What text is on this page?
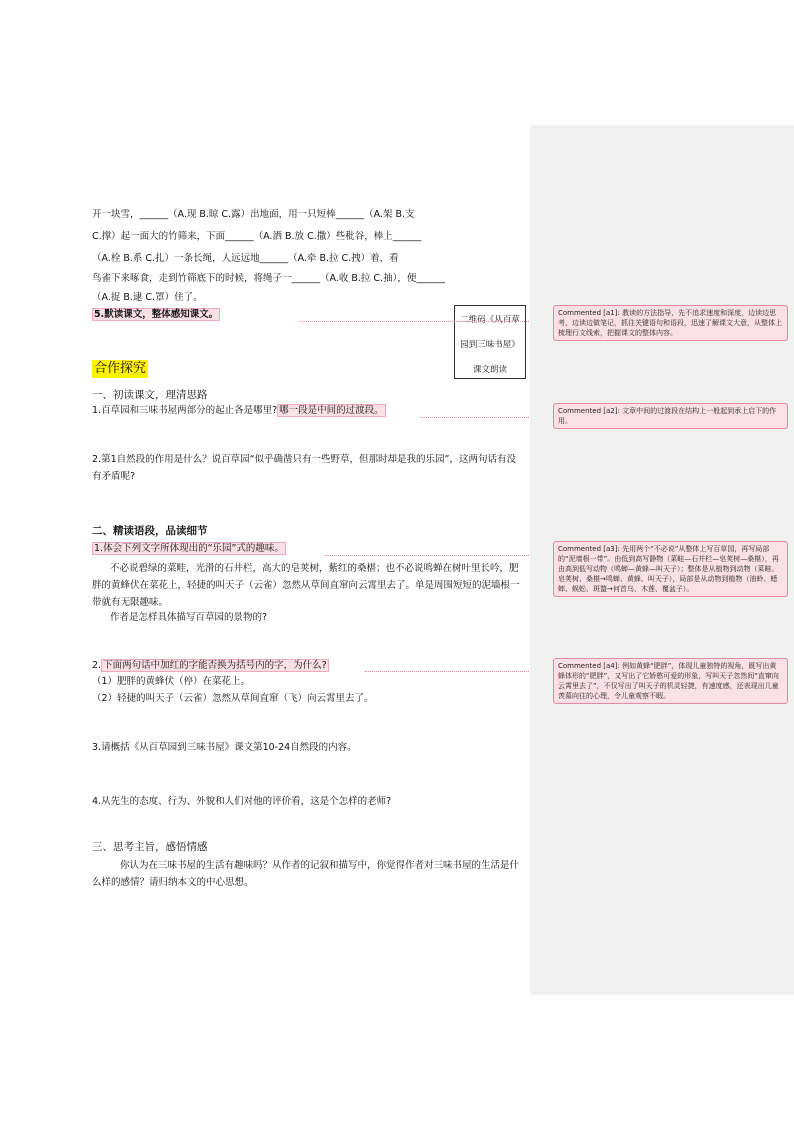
开一块雪，______（A.现 B.晾 C.露）出地面，用一只短棒______（A.架 B.支
C.撑）起一面大的竹筛来，下面______（A.洒 B.放 C.撒）些秕谷，棒上______
（A.栓 B.系 C.扎）一条长绳，人远远地______（A.牵 B.拉 C.拽）着，看
鸟雀下来啄食，走到竹筛底下的时候，将绳子一______（A.收 B.拉 C.抽），便______
（A.捉 B.逮 C.罩）住了。
5.默读课文，整体感知课文。	二维码《从百草园到三味书屋》课文朗读
合作探究
一、初读课文，理清思路
1.百草园和三味书屋两部分的起止各是哪里? 哪一段是中间的过渡段。
2.第1自然段的作用是什么？说百草园“似乎确凿只有一些野草，但那时却是我的乐园”，这两句话有没有矛盾呢?
二、精读语段，品读细节
1.体会下列文字所体现出的“乐园”式的趣味。
不必说碧绿的菜畦，光滑的石井栏，高大的皂荚树，紫红的桑椹；也不必说鸣蝉在树叶里长吟，肥胖的黄蜂伏在菜花上，轻捷的叫天子（云雀）忽然从草间直窜向云霄里去了。单是周围短短的泥墙根一带就有无限趣味。
作者是怎样具体描写百草园的景物的?
2. 下面两句话中加红的字能否换为括号内的字，为什么?
（1）肥胖的黄蜂伏（停）在菜花上。
（2）轻捷的叫天子（云雀）忽然从草间直窜（飞）向云霄里去了。
3.请概括《从百草园到三味书屋》课文第10-24自然段的内容。
4.从先生的态度、行为、外貌和人们对他的评价看，这是个怎样的老师?
三、思考主旨，感悟情感
你认为在三味书屋的生活有趣味吗？从作者的记叙和描写中，你觉得作者对三味书屋的生活是什么样的感情？请归纳本文的中心思想。
Commented [a1]: 教读的方法指导，先不追求速度和深度，边读边思考，边读边做笔记，抓住关键语句和语段，迅速了解课文大意，从整体上梳理行文线索，把握课文的整体内容。
Commented [a2]: 文章中间的过渡段在结构上一般起到承上启下的作用。
Commented [a3]: 先用两个“不必说”从整体上写百草园，再写局部的“泥墙根一带”。由低到高写静物（菜畦—石井栏—皂荚树—桑椹），再由高到低写动物（鸣蝉—黄蜂—叫天子）；整体是从植物到动物（菜畦、皂荚树、桑椹→鸣蝉、黄蜂、叫天子），局部是从动物到植物（油蛉、蟋蟀、蜈蚣、斑蝥→何首乌、木莲、覆盆子）。
Commented [a4]: 例如黄蜂“肥胖”，体现儿童独特的视角，既写出黄蜂体形的“肥胖”，又写出了它娇憨可爱的形象，写叫天子忽然间“直窜向云霄里去了”，不仅写出了叫天子的机灵轻捷，有速度感，还表现出儿童羡慕向往的心理，令儿童观察不暇。
